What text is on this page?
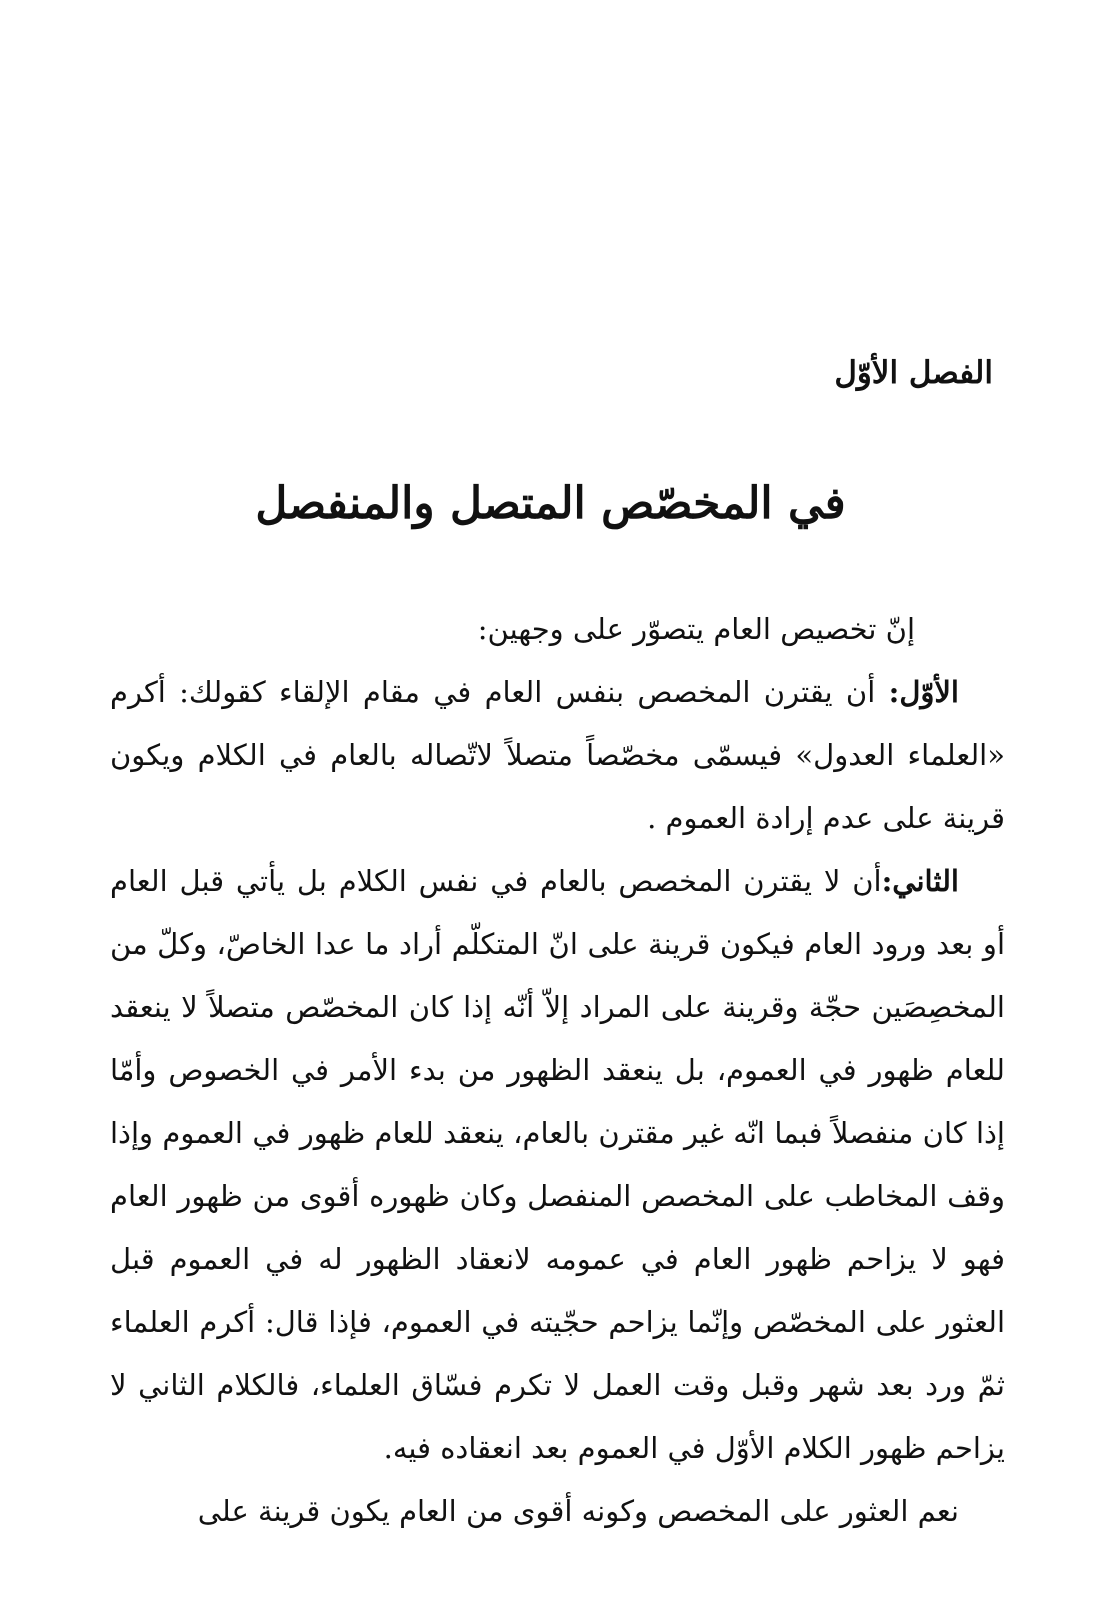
الفصل الأوّل
في المخصّص المتصل والمنفصل

إنّ تخصيص العام يتصوّر على وجهين:

الأوّل: أن يقترن المخصص بنفس العام في مقام الإلقاء كقولك: أكرم «العلماء العدول» فيسمّى مخصّصاً متصلاً لاتّصاله بالعام في الكلام ويكون قرينة على عدم إرادة العموم .

الثاني:أن لا يقترن المخصص بالعام في نفس الكلام بل يأتي قبل العام أو بعد ورود العام فيكون قرينة على انّ المتكلّم أراد ما عدا الخاصّ، وكلّ من المخصِصَين حجّة وقرينة على المراد إلاّ أنّه إذا كان المخصّص متصلاً لا ينعقد للعام ظهور في العموم، بل ينعقد الظهور من بدء الأمر في الخصوص وأمّا إذا كان منفصلاً فبما انّه غير مقترن بالعام، ينعقد للعام ظهور في العموم وإذا وقف المخاطب على المخصص المنفصل وكان ظهوره أقوى من ظهور العام فهو لا يزاحم ظهور العام في عمومه لانعقاد الظهور له في العموم قبل العثور على المخصّص وإنّما يزاحم حجّيته في العموم، فإذا قال: أكرم العلماء ثمّ ورد بعد شهر وقبل وقت العمل لا تكرم فسّاق العلماء، فالكلام الثاني لا يزاحم ظهور الكلام الأوّل في العموم بعد انعقاده فيه.

نعم العثور على المخصص وكونه أقوى من العام يكون قرينة على
